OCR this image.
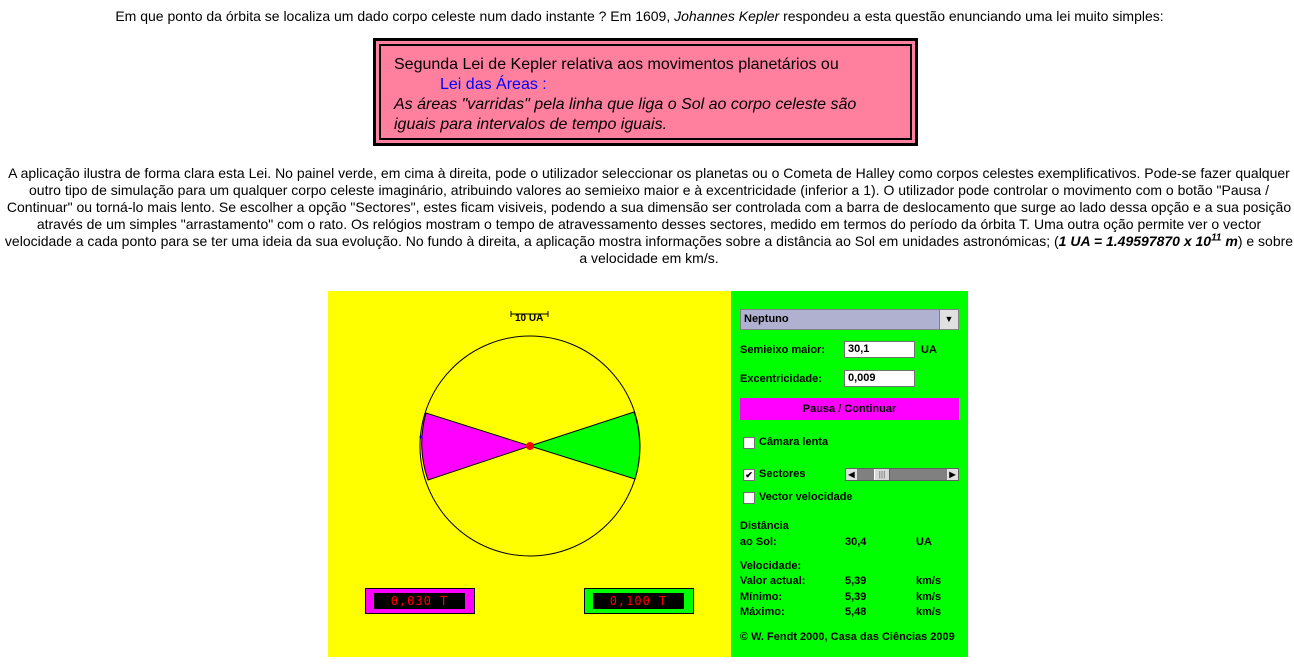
Em que ponto da órbita se localiza um dado corpo celeste num dado instante ? Em 1609, Johannes Kepler respondeu a esta questão enunciando uma lei muito simples:
Segunda Lei de Kepler relativa aos movimentos planetários ou
Lei das Áreas :
As áreas "varridas" pela linha que liga o Sol ao corpo celeste são
iguais para intervalos de tempo iguais.
A aplicação ilustra de forma clara esta Lei. No painel verde, em cima à direita, pode o utilizador seleccionar os planetas ou o Cometa de Halley como corpos celestes exemplificativos. Pode-se fazer qualquer outro tipo de simulação para um qualquer corpo celeste imaginário, atribuindo valores ao semieixo maior e à excentricidade (inferior a 1). O utilizador pode controlar o movimento com o botão "Pausa / Continuar" ou torná-lo mais lento. Se escolher a opção "Sectores", estes ficam visiveis, podendo a sua dimensão ser controlada com a barra de deslocamento que surge ao lado dessa opção e a sua posição através de um simples "arrastamento" com o rato. Os relógios mostram o tempo de atravessamento desses sectores, medido em termos do período da órbita T. Uma outra oção permite ver o vector velocidade a cada ponto para se ter uma ideia da sua evolução. No fundo à direita, a aplicação mostra informações sobre a distância ao Sol em unidades astronómicas; (1 UA = 1.49597870 x $10^{11}$ m) e sobre a velocidade em km/s.
10 UA
0,030 T	0,100 T
Neptuno	▼
Semieixo maior:	30,1	UA
Excentricidade:	0,009
Pausa / Continuar
Câmara lenta
✔ Sectores	◀	|||	▶
Vector velocidade
Distância
ao Sol:	30,4	UA
Velocidade:
Valor actual:	5,39	km/s
Mínimo:	5,39	km/s
Máximo:	5,48	km/s
© W. Fendt 2000, Casa das Ciências 2009
